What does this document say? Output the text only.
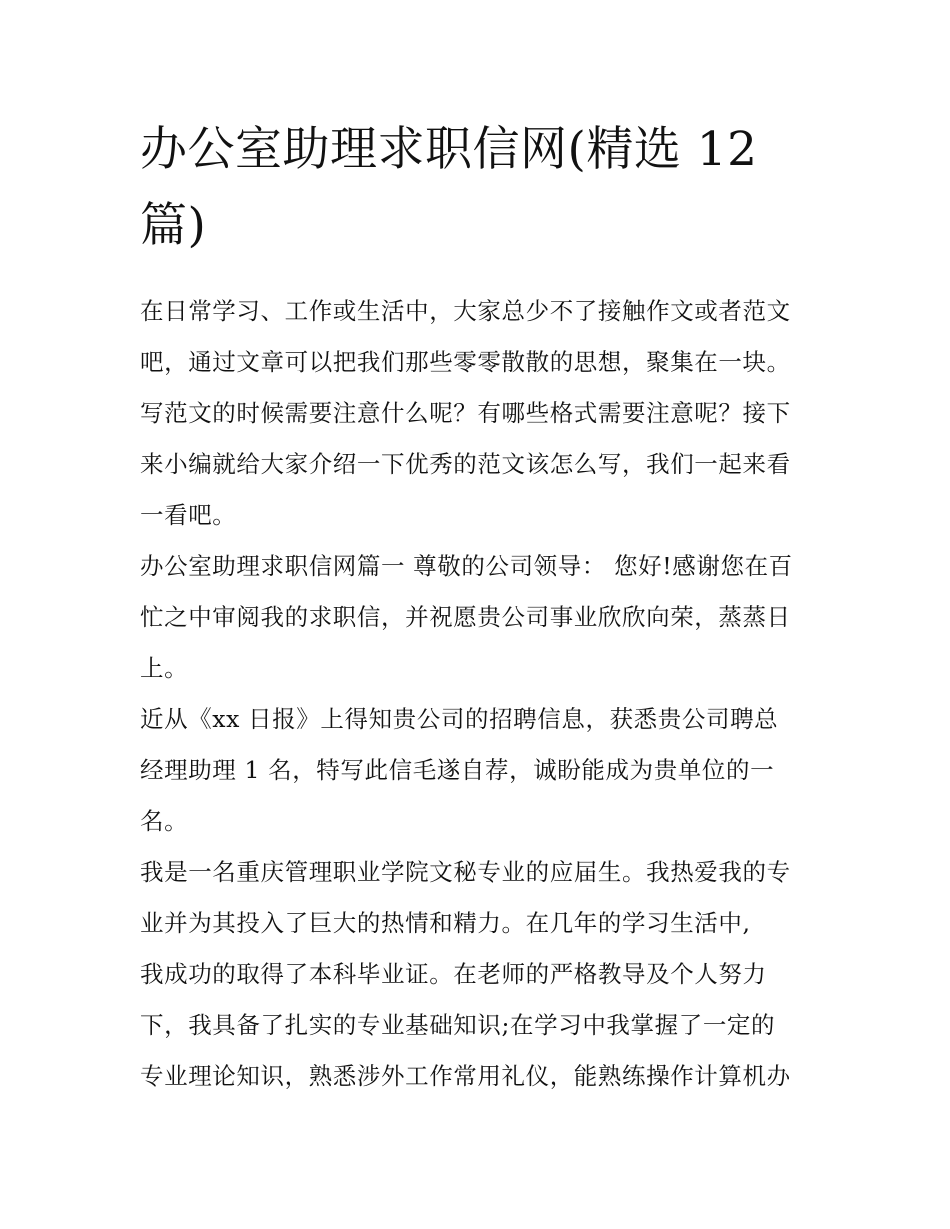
办公室助理求职信网(精选 12
篇)

在日常学习、工作或生活中，大家总少不了接触作文或者范文
吧，通过文章可以把我们那些零零散散的思想，聚集在一块。
写范文的时候需要注意什么呢？有哪些格式需要注意呢？接下
来小编就给大家介绍一下优秀的范文该怎么写，我们一起来看
一看吧。

办公室助理求职信网篇一 尊敬的公司领导： 您好!感谢您在百
忙之中审阅我的求职信，并祝愿贵公司事业欣欣向荣，蒸蒸日
上。

近从《xx 日报》上得知贵公司的招聘信息，获悉贵公司聘总
经理助理 1 名，特写此信毛遂自荐，诚盼能成为贵单位的一
名。

我是一名重庆管理职业学院文秘专业的应届生。我热爱我的专
业并为其投入了巨大的热情和精力。在几年的学习生活中,
我成功的取得了本科毕业证。在老师的严格教导及个人努力
下，我具备了扎实的专业基础知识;在学习中我掌握了一定的
专业理论知识，熟悉涉外工作常用礼仪，能熟练操作计算机办
